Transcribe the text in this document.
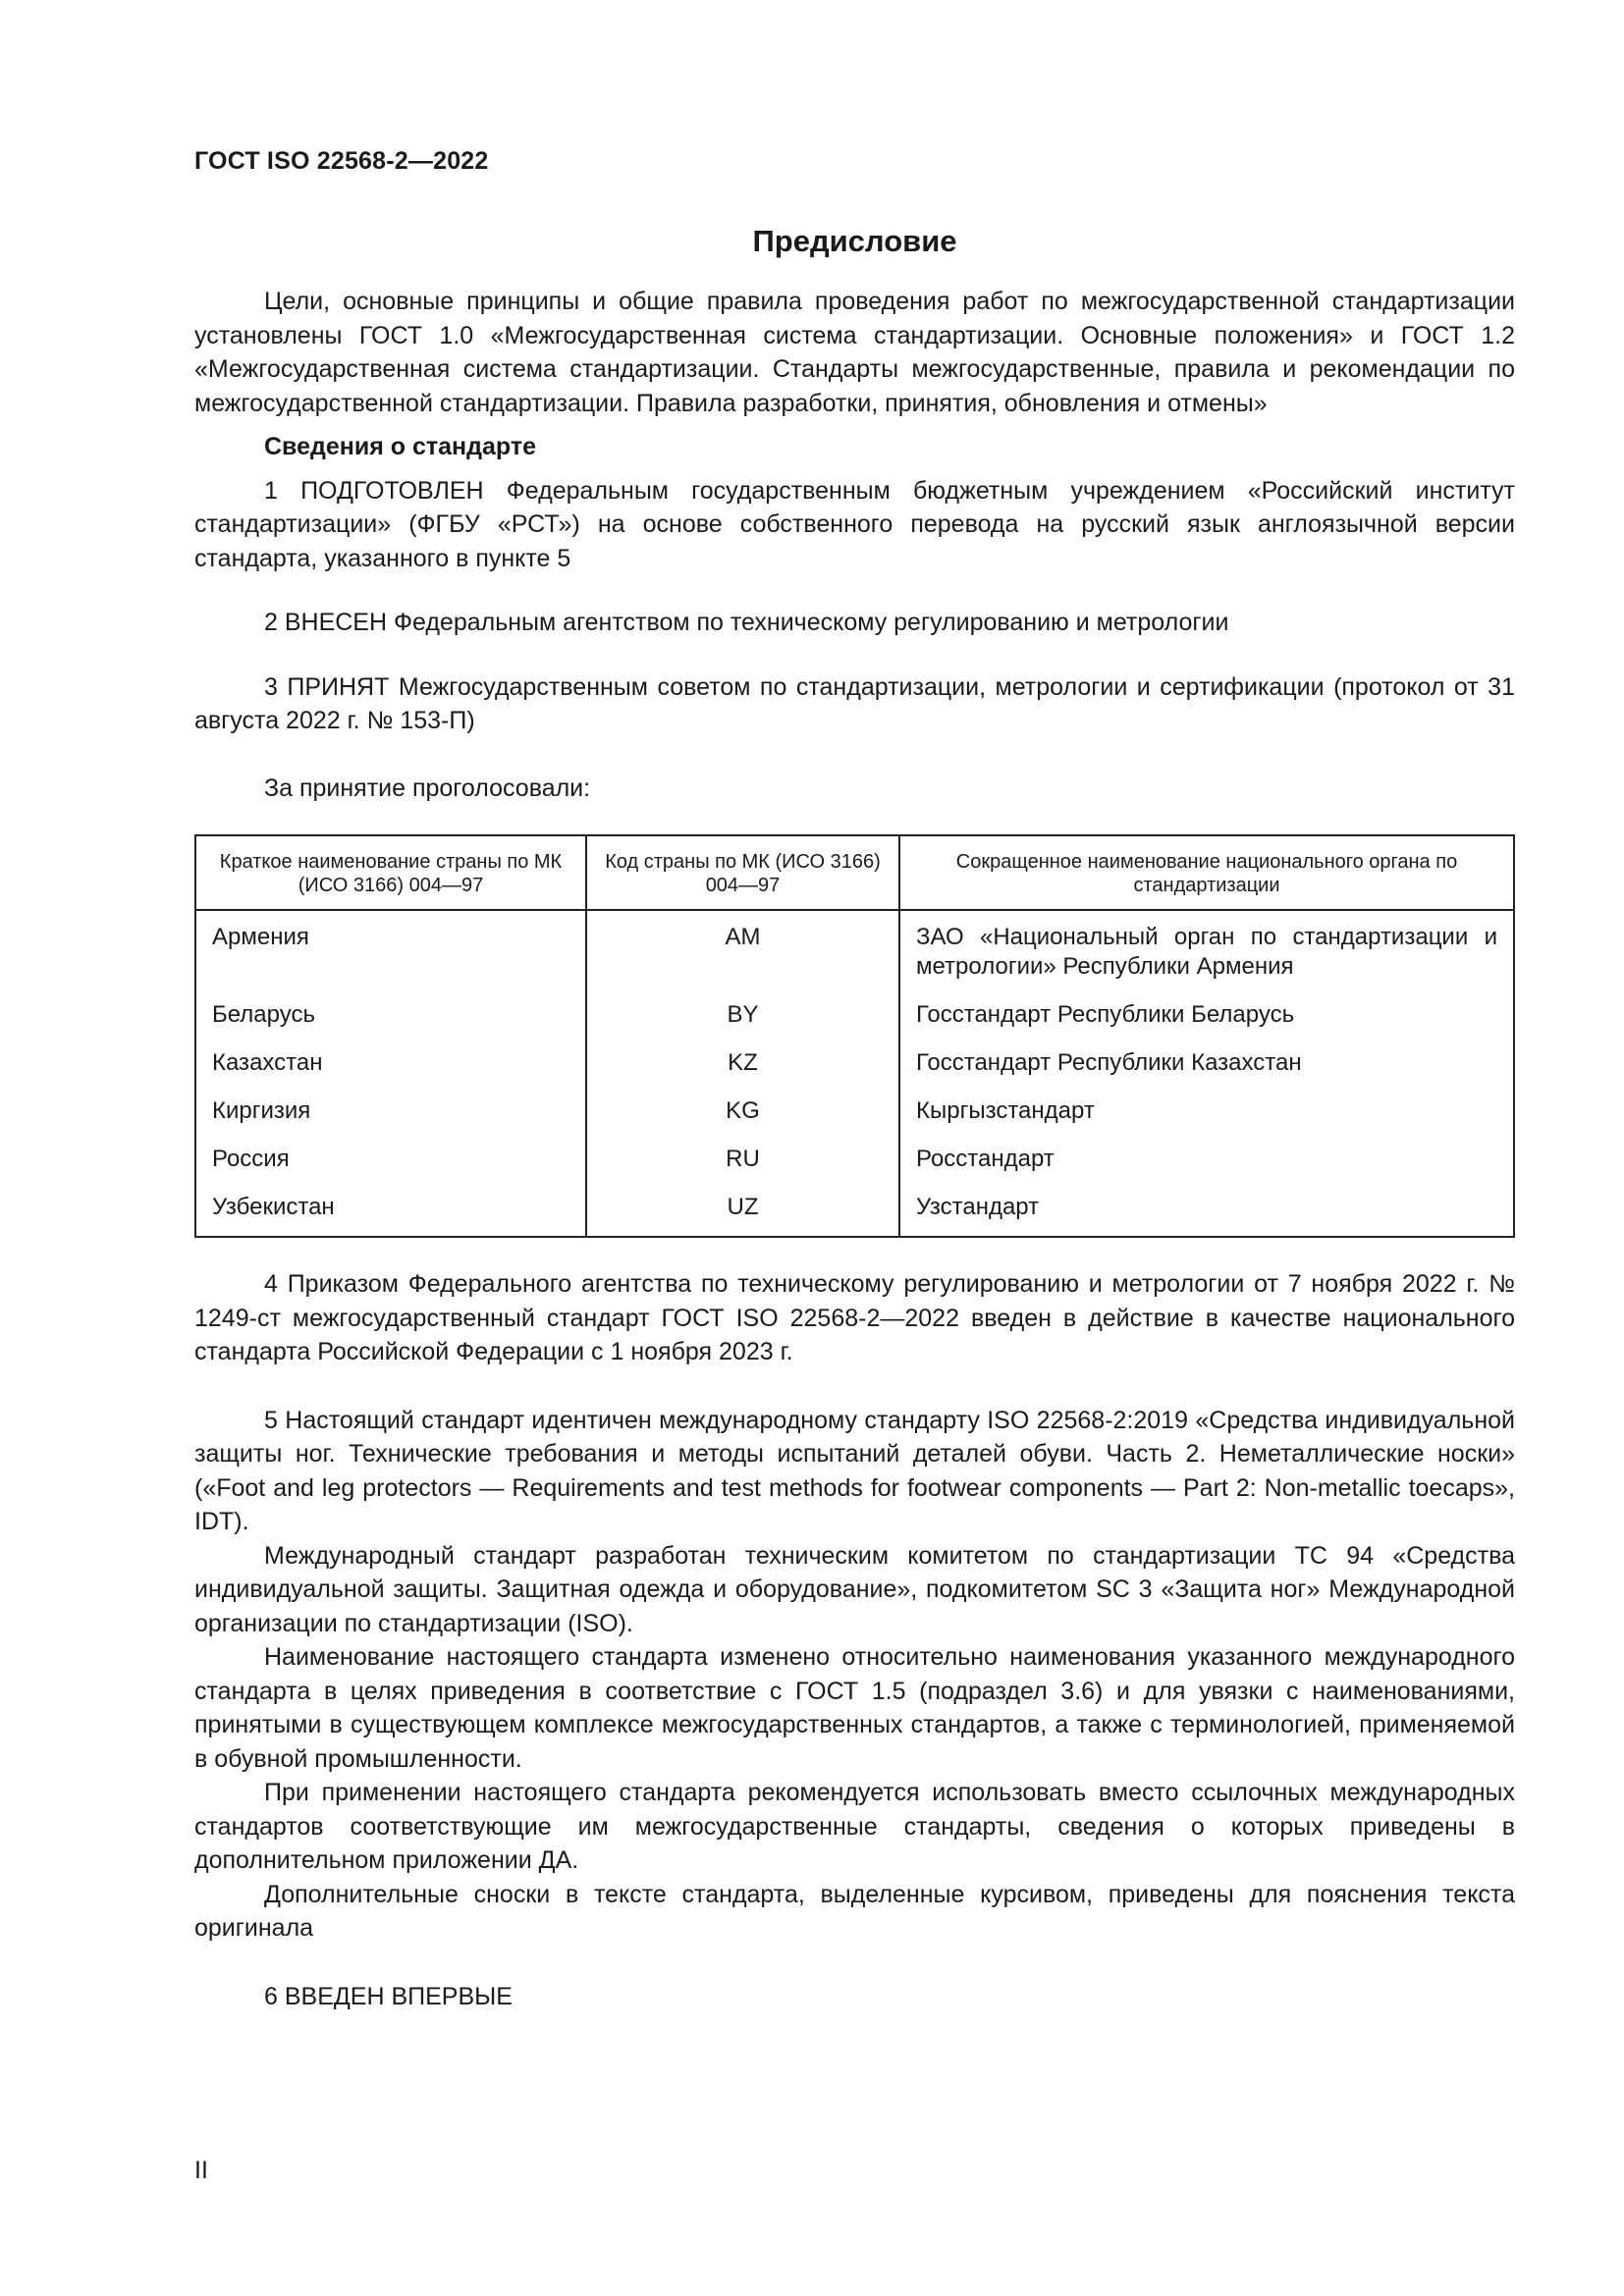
ГОСТ ISO 22568-2—2022
Предисловие

Цели, основные принципы и общие правила проведения работ по межгосударственной стандартизации установлены ГОСТ 1.0 «Межгосударственная система стандартизации. Основные положения» и ГОСТ 1.2 «Межгосударственная система стандартизации. Стандарты межгосударственные, правила и рекомендации по межгосударственной стандартизации. Правила разработки, принятия, обновления и отмены»

Сведения о стандарте

1 ПОДГОТОВЛЕН Федеральным государственным бюджетным учреждением «Российский институт стандартизации» (ФГБУ «РСТ») на основе собственного перевода на русский язык англоязычной версии стандарта, указанного в пункте 5

2 ВНЕСЕН Федеральным агентством по техническому регулированию и метрологии

3 ПРИНЯТ Межгосударственным советом по стандартизации, метрологии и сертификации (протокол от 31 августа 2022 г. № 153-П)

За принятие проголосовали:

Краткое наименование страны по МК (ИСО 3166) 004—97	Код страны по МК (ИСО 3166) 004—97	Сокращенное наименование национального органа по стандартизации
Армения	AM	ЗАО «Национальный орган по стандартизации и метрологии» Республики Армения
Беларусь	BY	Госстандарт Республики Беларусь
Казахстан	KZ	Госстандарт Республики Казахстан
Киргизия	KG	Кыргызстандарт
Россия	RU	Росстандарт
Узбекистан	UZ	Узстандарт

4 Приказом Федерального агентства по техническому регулированию и метрологии от 7 ноября 2022 г. № 1249-ст межгосударственный стандарт ГОСТ ISO 22568-2—2022 введен в действие в качестве национального стандарта Российской Федерации с 1 ноября 2023 г.

5 Настоящий стандарт идентичен международному стандарту ISO 22568-2:2019 «Средства индивидуальной защиты ног. Технические требования и методы испытаний деталей обуви. Часть 2. Неметаллические носки» («Foot and leg protectors — Requirements and test methods for footwear components — Part 2: Non-metallic toecaps», IDT).

Международный стандарт разработан техническим комитетом по стандартизации TC 94 «Средства индивидуальной защиты. Защитная одежда и оборудование», подкомитетом SC 3 «Защита ног» Международной организации по стандартизации (ISO).

Наименование настоящего стандарта изменено относительно наименования указанного международного стандарта в целях приведения в соответствие с ГОСТ 1.5 (подраздел 3.6) и для увязки с наименованиями, принятыми в существующем комплексе межгосударственных стандартов, а также с терминологией, применяемой в обувной промышленности.

При применении настоящего стандарта рекомендуется использовать вместо ссылочных международных стандартов соответствующие им межгосударственные стандарты, сведения о которых приведены в дополнительном приложении ДА.

Дополнительные сноски в тексте стандарта, выделенные курсивом, приведены для пояснения текста оригинала

6 ВВЕДЕН ВПЕРВЫЕ

II
